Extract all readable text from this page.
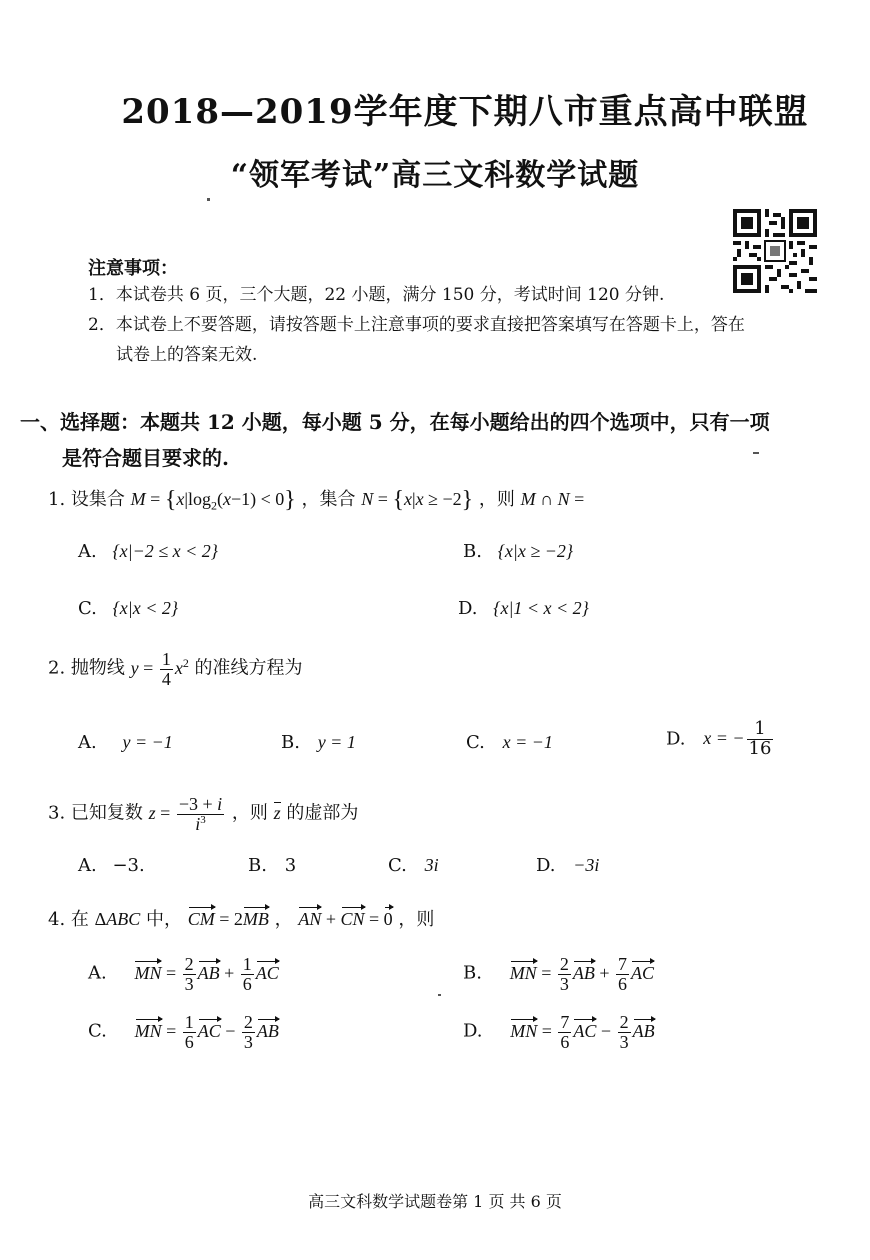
2018—2019学年度下期八市重点高中联盟
“领军考试”高三文科数学试题
注意事项：
1．本试卷共 6 页，三个大题，22 小题，满分 150 分，考试时间 120 分钟.
2．本试卷上不要答题，请按答题卡上注意事项的要求直接把答案填写在答题卡上，答在
试卷上的答案无效.
一、选择题：本题共 12 小题，每小题 5 分，在每小题给出的四个选项中，只有一项
是符合题目要求的.
1. 设集合 $M = \{x|\log_2(x-1) < 0\}$ ，集合 N = {x|x ≥ −2} ，则 M ∩ N =
A. {x|−2 ≤ x < 2}	B. {x|x ≥ −2}
C. {x|x < 2}	D. {x|1 < x < 2}
2. 抛物线 $y = \frac{1}{4} x^2$ 的准线方程为
A. y = −1	B. y = 1	C. x = −1	D. x = − $\frac{1}{16}$
3. 已知复数 $z = \frac{-3 + i}{i^3}$ ，则 z 的虚部为
A. −3.	B. 3	C. 3i	D. −3i
4. 在 ΔABC 中， CM = 2MB ， AN + CN = 0 ，则
A. MN = $\frac{2}{3}$ AB + $\frac{1}{6}$ AC	B. MN = $\frac{2}{3}$ AB + $\frac{7}{6}$ AC
C. MN = $\frac{1}{6}$ AC − $\frac{2}{3}$ AB	D. MN = $\frac{7}{6}$ AC − $\frac{2}{3}$ AB
高三文科数学试题卷第 1 页 共 6 页
